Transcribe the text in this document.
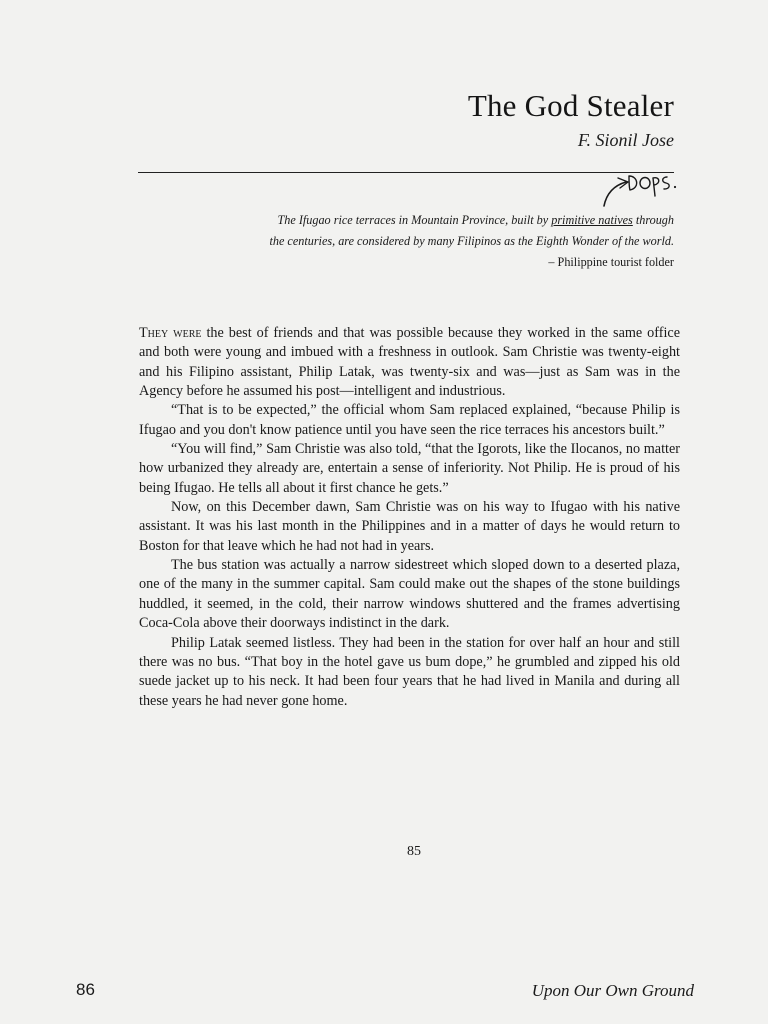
The God Stealer
F. Sionil Jose
The Ifugao rice terraces in Mountain Province, built by primitive natives through
the centuries, are considered by many Filipinos as the Eighth Wonder of the world.
– Philippine tourist folder

They were the best of friends and that was possible because they worked in the same office and both were young and imbued with a freshness in outlook. Sam Christie was twenty-eight and his Filipino assistant, Philip Latak, was twenty-six and was—just as Sam was in the Agency before he assumed his post—intelligent and industrious.

“That is to be expected,” the official whom Sam replaced explained, “because Philip is Ifugao and you don't know patience until you have seen the rice terraces his ancestors built.”

“You will find,” Sam Christie was also told, “that the Igorots, like the Ilocanos, no matter how urbanized they already are, entertain a sense of inferiority. Not Philip. He is proud of his being Ifugao. He tells all about it first chance he gets.”

Now, on this December dawn, Sam Christie was on his way to Ifugao with his native assistant. It was his last month in the Philippines and in a matter of days he would return to Boston for that leave which he had not had in years.

The bus station was actually a narrow sidestreet which sloped down to a deserted plaza, one of the many in the summer capital. Sam could make out the shapes of the stone buildings huddled, it seemed, in the cold, their narrow windows shuttered and the frames advertising Coca-Cola above their doorways indistinct in the dark.

Philip Latak seemed listless. They had been in the station for over half an hour and still there was no bus. “That boy in the hotel gave us bum dope,” he grumbled and zipped his old suede jacket up to his neck. It had been four years that he had lived in Manila and during all these years he had never gone home.

85
86	Upon Our Own Ground
